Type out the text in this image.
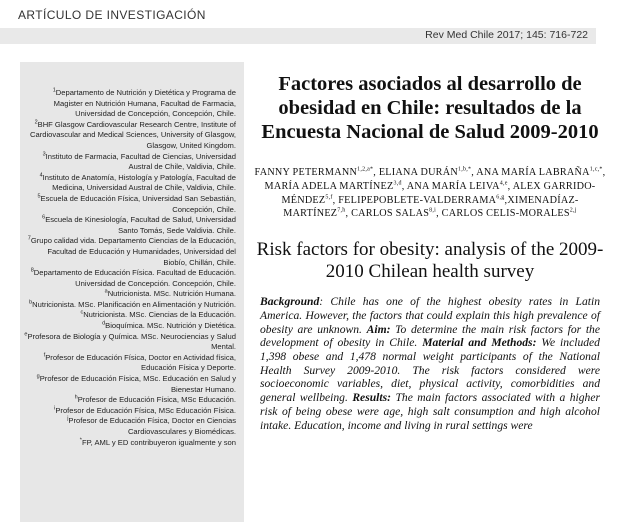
ARTÍCULO DE INVESTIGACIÓN
Rev Med Chile 2017; 145: 716-722

$^1$Departamento de Nutrición y Dietética y Programa de Magister en Nutrición Humana, Facultad de Farmacia, Universidad de Concepción, Concepción, Chile.

$^2$BHF Glasgow Cardiovascular Research Centre, Institute of Cardiovascular and Medical Sciences, University of Glasgow, Glasgow, United Kingdom.

$^3$Instituto de Farmacia, Facultad de Ciencias, Universidad Austral de Chile, Valdivia, Chile.

$^4$Instituto de Anatomía, Histología y Patología, Facultad de Medicina, Universidad Austral de Chile, Valdivia, Chile.

$^5$Escuela de Educación Física, Universidad San Sebastián, Concepción, Chile.

$^6$Escuela de Kinesiología, Facultad de Salud, Universidad Santo Tomás, Sede Valdivia. Chile.

$^7$Grupo calidad vida. Departamento Ciencias de la Educación, Facultad de Educación y Humanidades, Universidad del Biobío, Chillán, Chile.

$^8$Departamento de Educación Física. Facultad de Educación. Universidad de Concepción. Concepción, Chile.

$^a$Nutricionista. MSc. Nutrición Humana.

$^b$Nutricionista. MSc. Planificación en Alimentación y Nutrición.

$^c$Nutricionista. MSc. Ciencias de la Educación.

$^d$Bioquímica. MSc. Nutrición y Dietética.

$^e$Profesora de Biología y Química. MSc. Neurociencias y Salud Mental.

$^f$Profesor de Educación Física, Doctor en Actividad física, Educación Física y Deporte.

$^g$Profesor de Educación Física, MSc. Educación en Salud y Bienestar Humano.

$^h$Profesor de Educación Física, MSc Educación.

$^i$Profesor de Educación Física, MSc Educación Física.

$^j$Profesor de Educación Física, Doctor en Ciencias Cardiovasculares y Biomédicas.

*FP, AML y ED contribuyeron igualmente y son

Factores asociados al desarrollo de obesidad en Chile: resultados de la Encuesta Nacional de Salud 2009-2010
FANNY $PETERMANN^{1,2,a*}$, ELIANA $DURÁN^{1,b,*}$, ANA MARÍA $LABRAÑA^{1,c,*}$, MARÍA ADELA MARTÍNEZ$^{3,d}$, ANA MARÍA LEIVA$^{4,e}$, ALEX GARRIDO-MÉNDEZ$^{5,f}$, FELIPEPOBLETE-VALDERRAMA$^{6,g}$,XIMENADÍAZ-MARTÍNEZ$^{7,h}$, CARLOS SALAS$^{8,i}$, CARLOS CELIS-MORALES$^{2,j}$
Risk factors for obesity: analysis of the 2009-2010 Chilean health survey
Background: Chile has one of the highest obesity rates in Latin America. However, the factors that could explain this high prevalence of obesity are unknown. Aim: To determine the main risk factors for the development of obesity in Chile. Material and Methods: We included 1,398 obese and 1,478 normal weight participants of the National Health Survey 2009-2010. The risk factors considered were socioeconomic variables, diet, physical activity, comorbidities and general wellbeing. Results: The main factors associated with a higher risk of being obese were age, high salt consumption and high alcohol intake. Education, income and living in rural settings were
